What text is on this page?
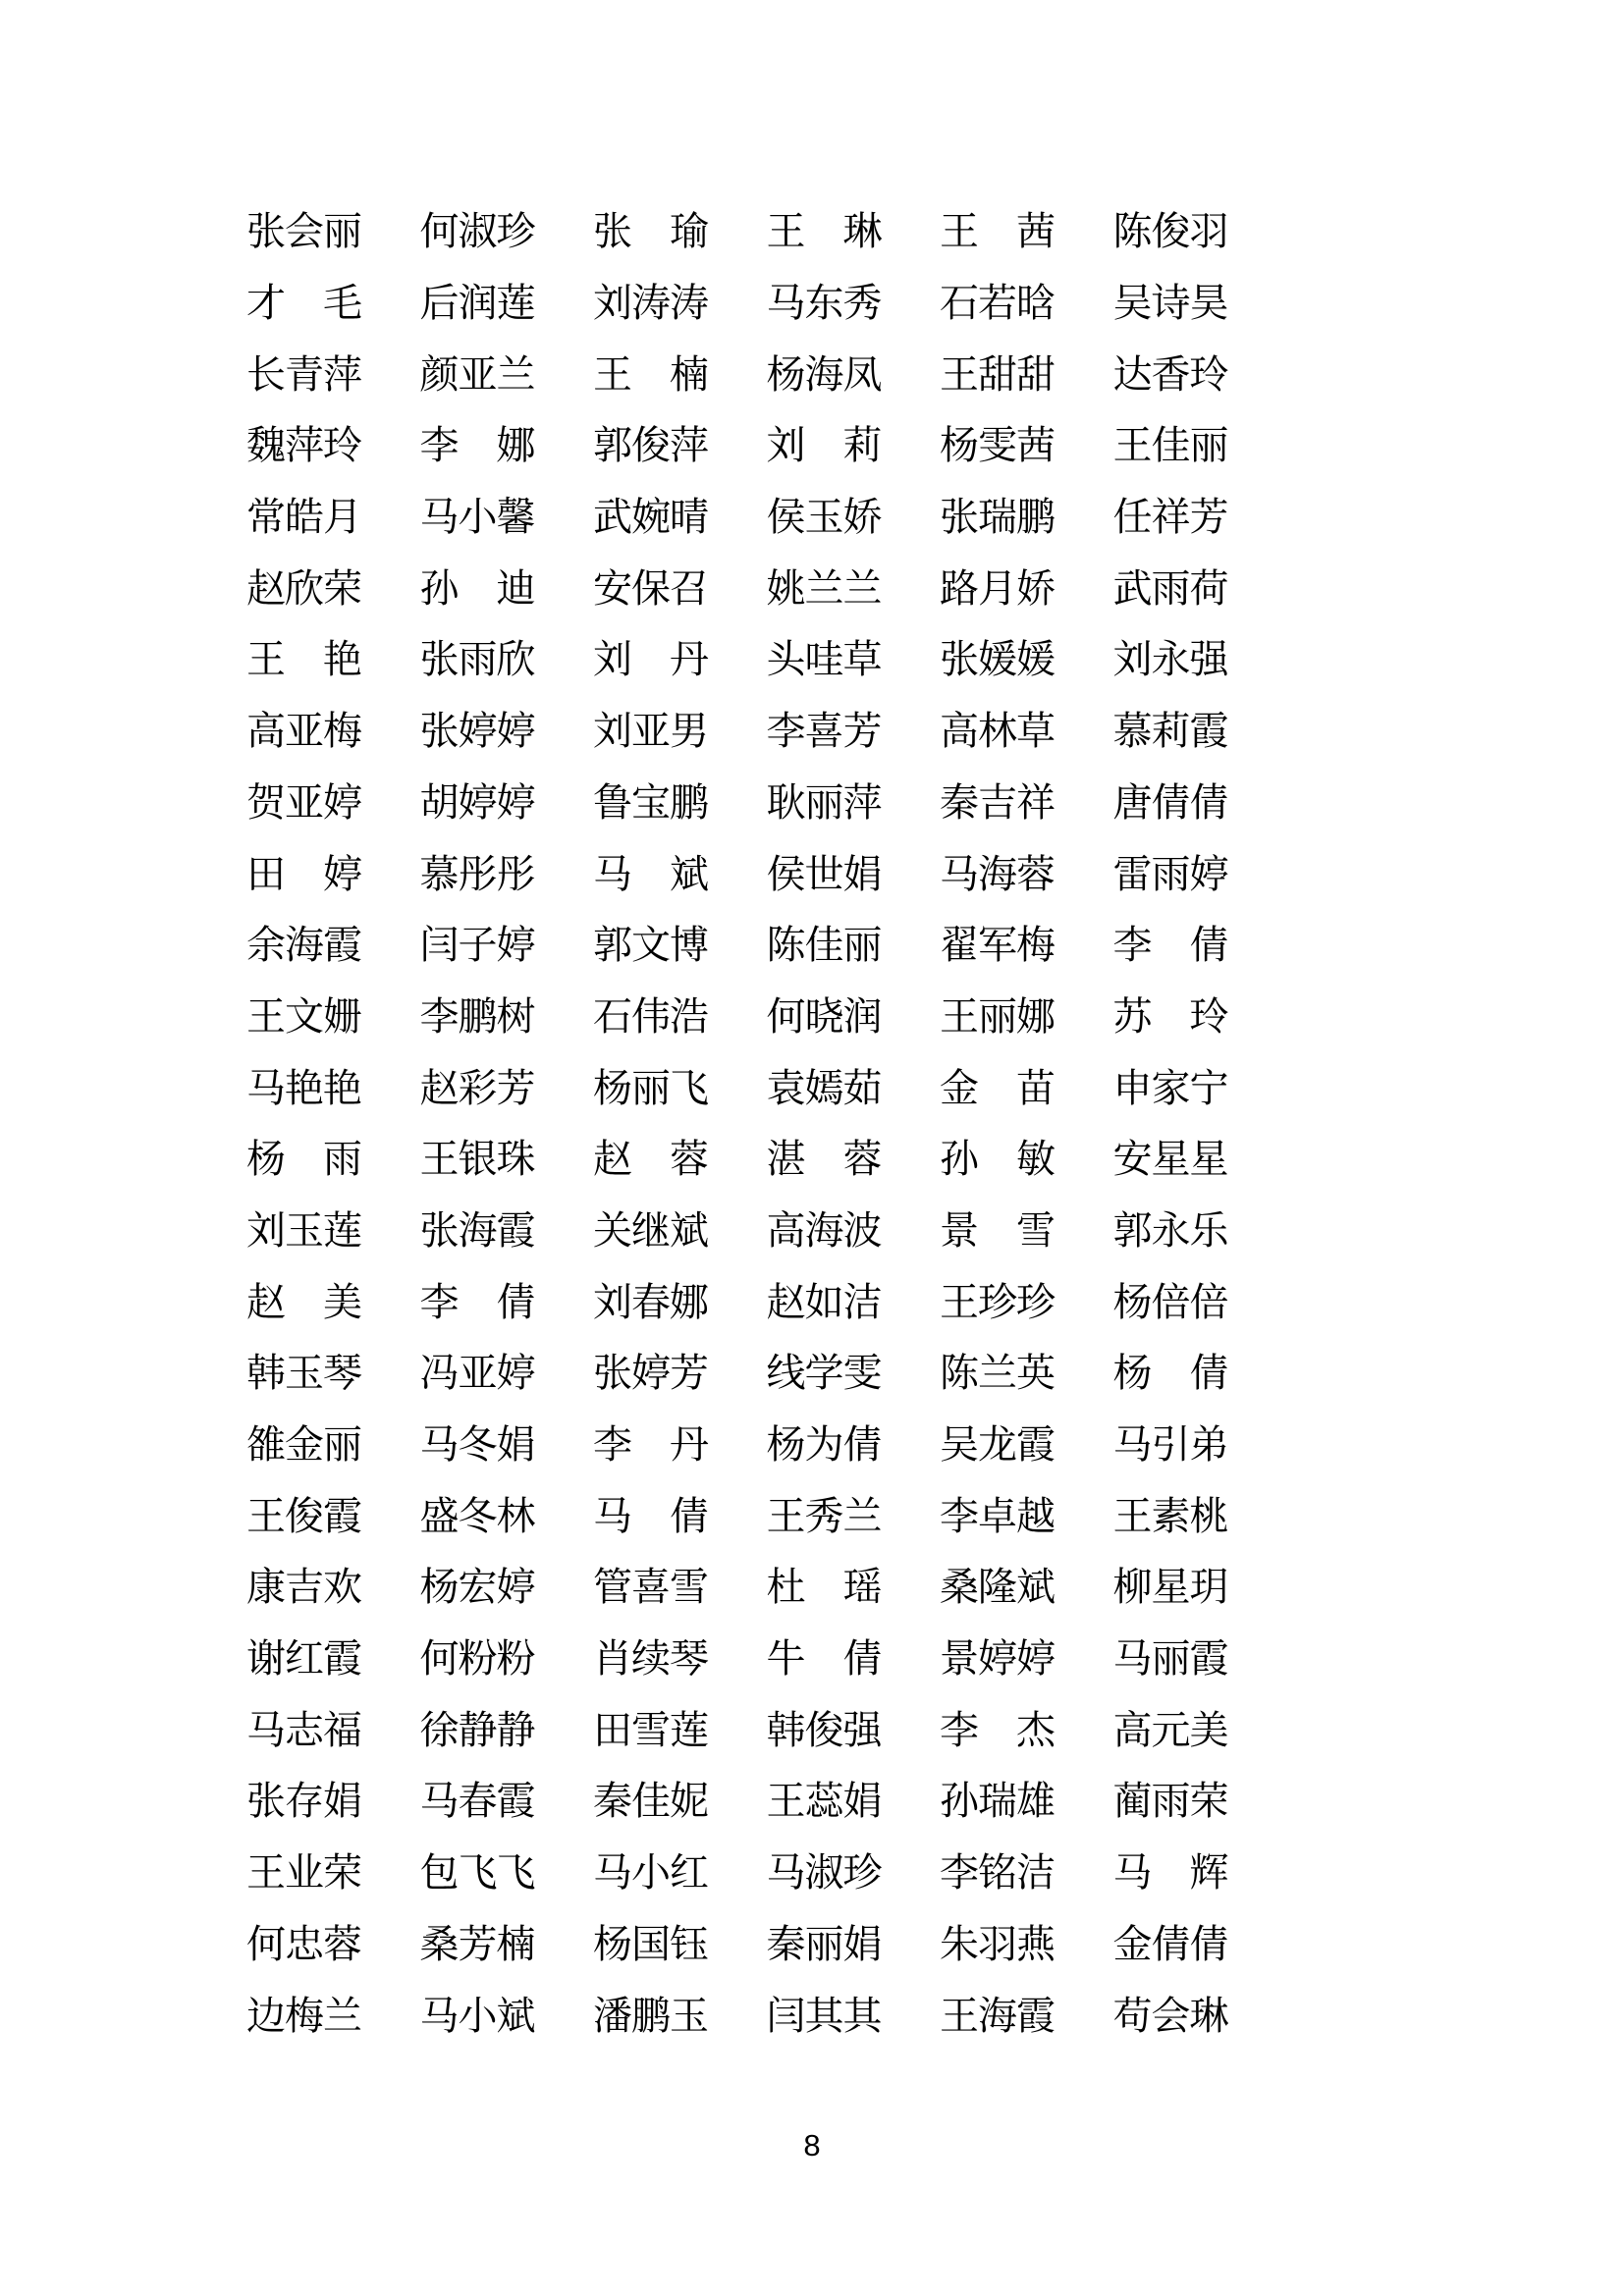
张会丽	何淑珍	张　瑜	王　琳	王　茜	陈俊羽
才　毛	后润莲	刘涛涛	马东秀	石若晗	吴诗昊
长青萍	颜亚兰	王　楠	杨海凤	王甜甜	达香玲
魏萍玲	李　娜	郭俊萍	刘　莉	杨雯茜	王佳丽
常皓月	马小馨	武婉晴	侯玉娇	张瑞鹏	任祥芳
赵欣荣	孙　迪	安保召	姚兰兰	路月娇	武雨荷
王　艳	张雨欣	刘　丹	头哇草	张媛媛	刘永强
高亚梅	张婷婷	刘亚男	李喜芳	高林草	慕莉霞
贺亚婷	胡婷婷	鲁宝鹏	耿丽萍	秦吉祥	唐倩倩
田　婷	慕彤彤	马　斌	侯世娟	马海蓉	雷雨婷
余海霞	闫子婷	郭文博	陈佳丽	翟军梅	李　倩
王文姗	李鹏树	石伟浩	何晓润	王丽娜	苏　玲
马艳艳	赵彩芳	杨丽飞	袁嫣茹	金　苗	申家宁
杨　雨	王银珠	赵　蓉	湛　蓉	孙　敏	安星星
刘玉莲	张海霞	关继斌	高海波	景　雪	郭永乐
赵　美	李　倩	刘春娜	赵如洁	王珍珍	杨倍倍
韩玉琴	冯亚婷	张婷芳	线学雯	陈兰英	杨　倩
雒金丽	马冬娟	李　丹	杨为倩	吴龙霞	马引弟
王俊霞	盛冬林	马　倩	王秀兰	李卓越	王素桃
康吉欢	杨宏婷	管喜雪	杜　瑶	桑隆斌	柳星玥
谢红霞	何粉粉	肖续琴	牛　倩	景婷婷	马丽霞
马志福	徐静静	田雪莲	韩俊强	李　杰	高元美
张存娟	马春霞	秦佳妮	王蕊娟	孙瑞雄	蔺雨荣
王业荣	包飞飞	马小红	马淑珍	李铭洁	马　辉
何忠蓉	桑芳楠	杨国钰	秦丽娟	朱羽燕	金倩倩
边梅兰	马小斌	潘鹏玉	闫其其	王海霞	苟会琳
8
